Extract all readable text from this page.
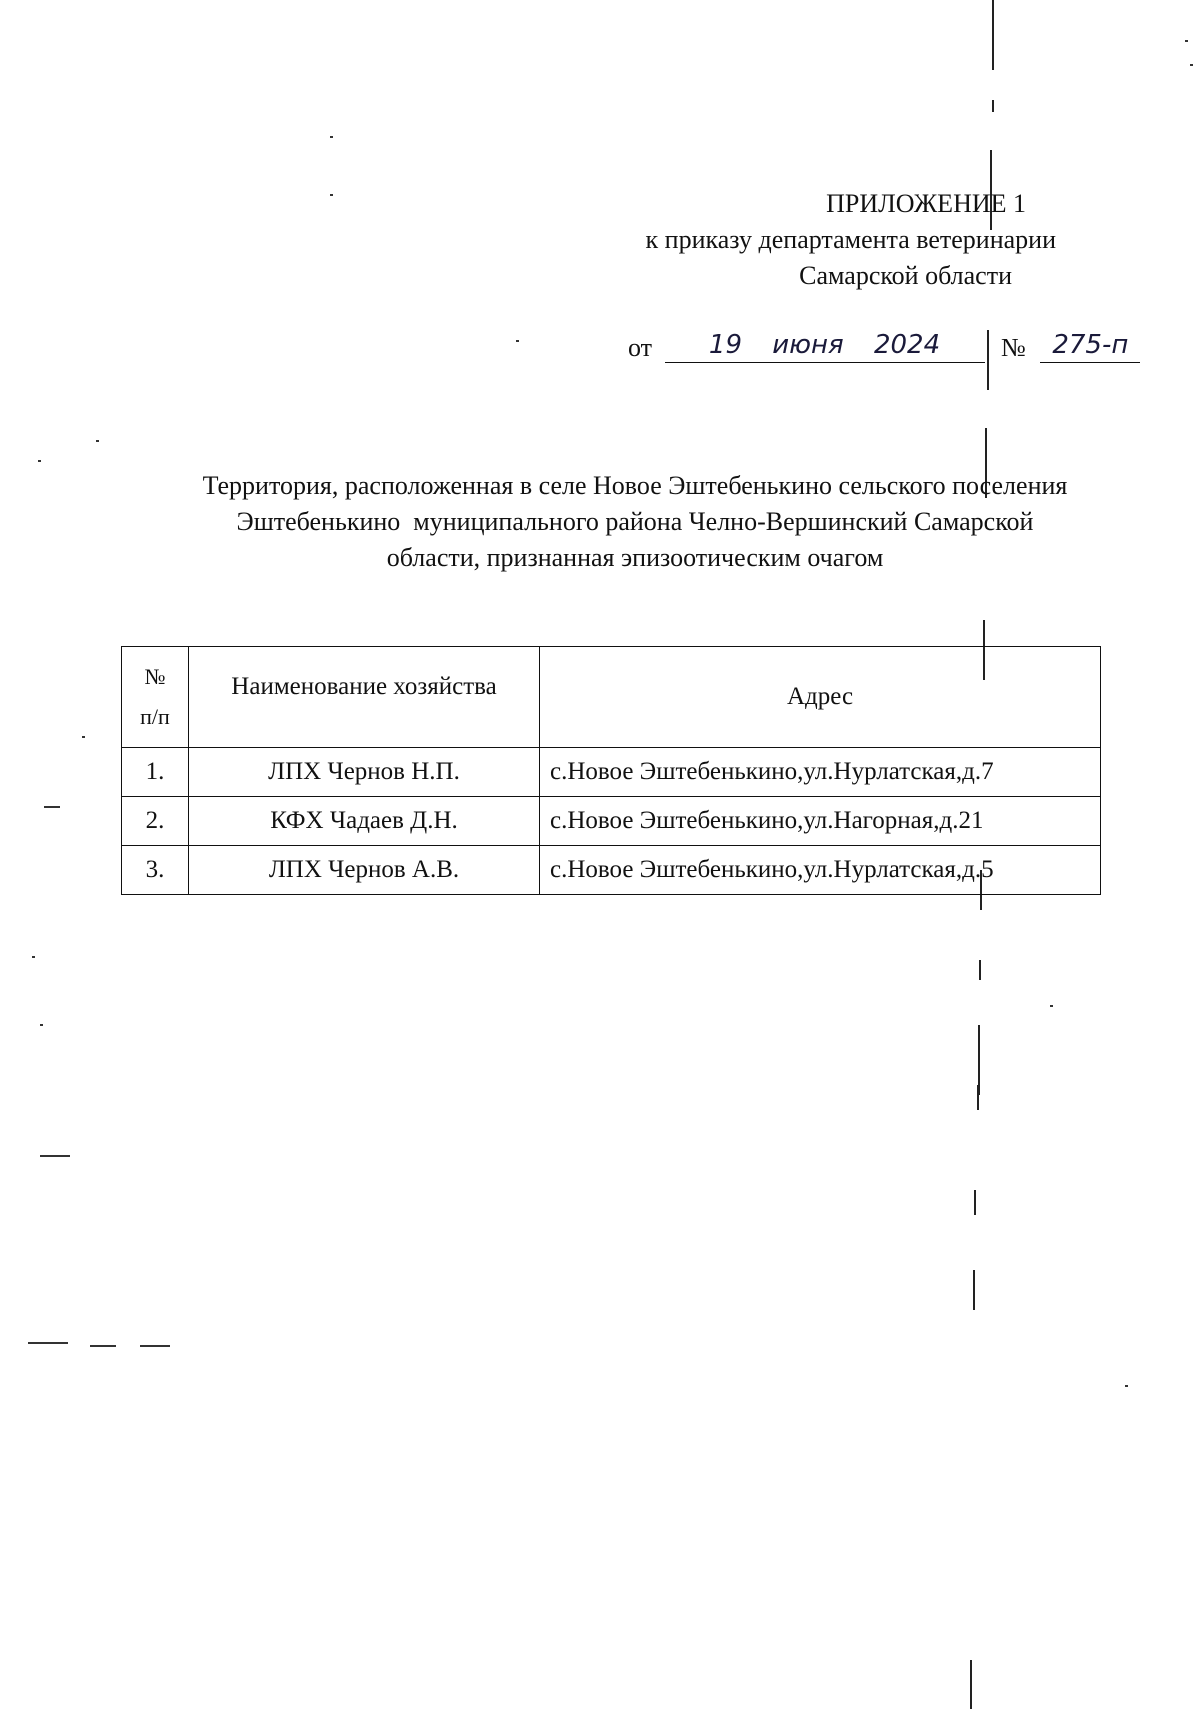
ПРИЛОЖЕНИЕ 1
к приказу департамента ветеринарии
Самарской области
от 19 июня 2024 № 275-п
Территория, расположенная в селе Новое Эштебенькино сельского поселения
Эштебенькино  муниципального района Челно-Вершинский Самарской
области, признанная эпизоотическим очагом
№
п/п	Наименование хозяйства	Адрес
1.	ЛПХ Чернов Н.П.	с.Новое Эштебенькино,ул.Нурлатская,д.7
2.	КФХ Чадаев Д.Н.	с.Новое Эштебенькино,ул.Нагорная,д.21
3.	ЛПХ Чернов А.В.	с.Новое Эштебенькино,ул.Нурлатская,д.5
